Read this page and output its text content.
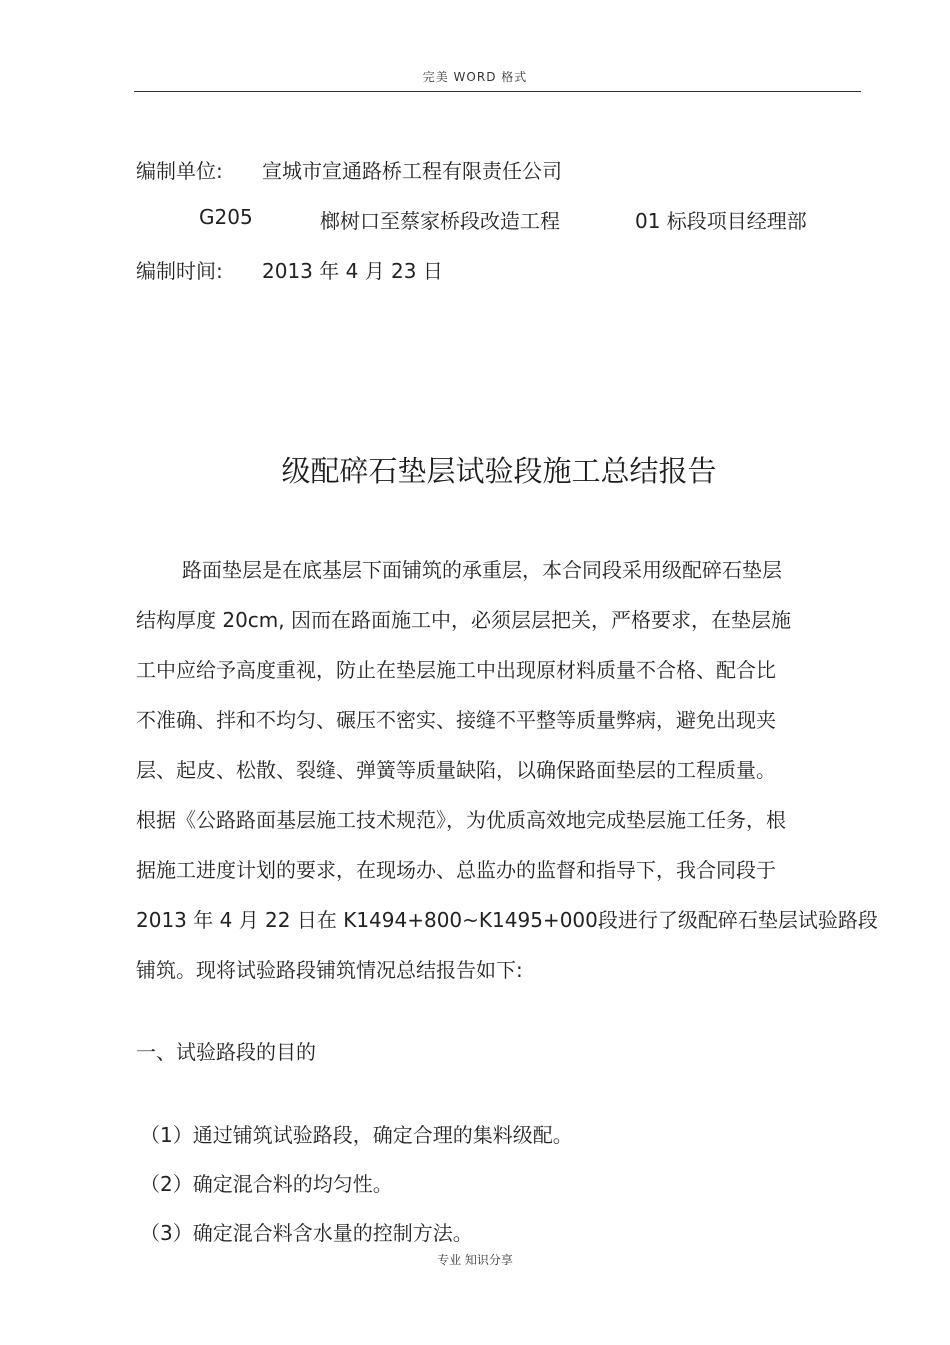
完美 WORD 格式
编制单位: 宣城市宣通路桥工程有限责任公司
G205	榔树口至蔡家桥段改造工程	01 标段项目经理部
编制时间: 2013 年 4 月 23 日
级配碎石垫层试验段施工总结报告
路面垫层是在底基层下面铺筑的承重层，本合同段采用级配碎石垫层
结构厚度 20cm, 因而在路面施工中，必须层层把关，严格要求，在垫层施
工中应给予高度重视，防止在垫层施工中出现原材料质量不合格、配合比
不准确、拌和不均匀、碾压不密实、接缝不平整等质量弊病，避免出现夹
层、起皮、松散、裂缝、弹簧等质量缺陷，以确保路面垫层的工程质量。
根据《公路路面基层施工技术规范》，为优质高效地完成垫层施工任务，根
据施工进度计划的要求，在现场办、总监办的监督和指导下，我合同段于
2013 年 4 月 22 日在 K1494+800~K1495+000段进行了级配碎石垫层试验路段
铺筑。现将试验路段铺筑情况总结报告如下:
一、试验路段的目的
（1）通过铺筑试验路段，确定合理的集料级配。
（2）确定混合料的均匀性。
（3）确定混合料含水量的控制方法。
专业 知识分享
